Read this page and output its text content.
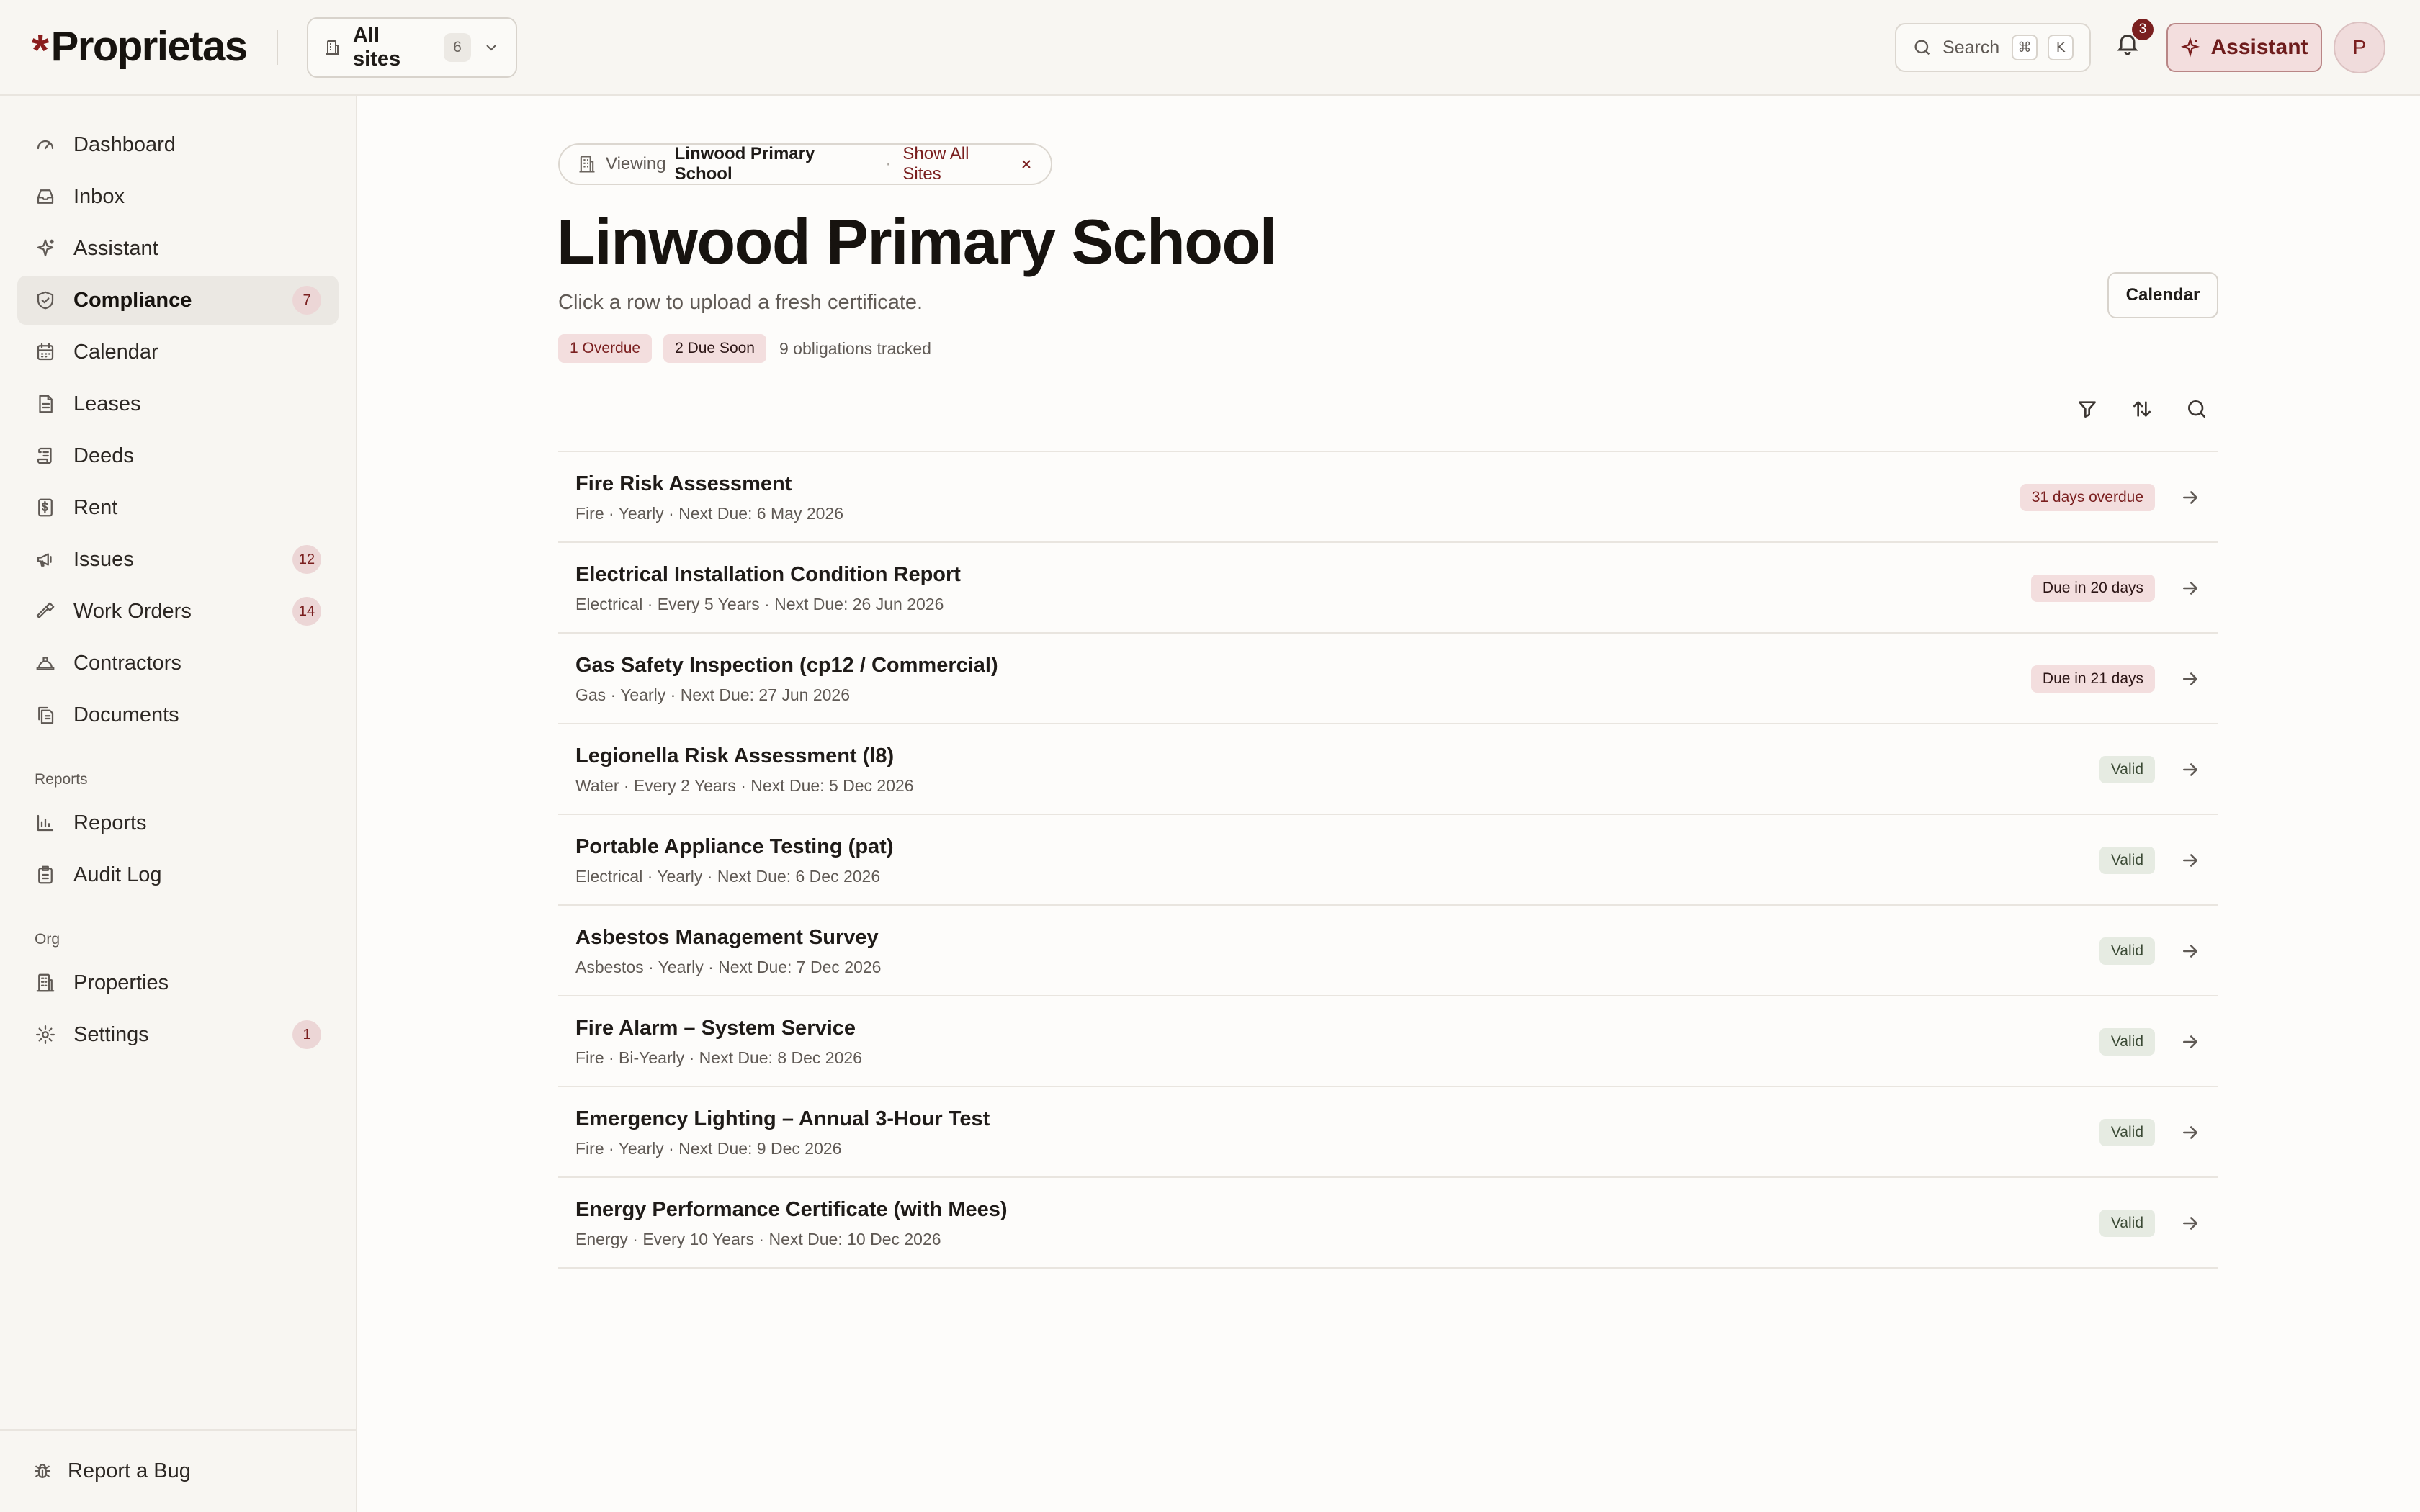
* Proprietas	All sites
6	Search	⌘	K
3
Assistant	P
Dashboard
Inbox
Assistant
Compliance	7
Calendar
Leases
Deeds
Rent
Issues	12
Work Orders	14
Contractors
Documents
Reports
Reports
Audit Log
Org
Properties
Settings	1
Report a Bug
Viewing
Linwood Primary School
·
Show All Sites
Linwood Primary School
Click a row to upload a fresh certificate.	Calendar
1 Overdue	2 Due Soon	9 obligations tracked
Fire Risk Assessment
Fire · Yearly · Next Due: 6 May 2026
31 days overdue
Electrical Installation Condition Report
Electrical · Every 5 Years · Next Due: 26 Jun 2026
Due in 20 days
Gas Safety Inspection (cp12 / Commercial)
Gas · Yearly · Next Due: 27 Jun 2026
Due in 21 days
Legionella Risk Assessment (l8)
Water · Every 2 Years · Next Due: 5 Dec 2026
Valid
Portable Appliance Testing (pat)
Electrical · Yearly · Next Due: 6 Dec 2026
Valid
Asbestos Management Survey
Asbestos · Yearly · Next Due: 7 Dec 2026
Valid
Fire Alarm – System Service
Fire · Bi-Yearly · Next Due: 8 Dec 2026
Valid
Emergency Lighting – Annual 3-Hour Test
Fire · Yearly · Next Due: 9 Dec 2026
Valid
Energy Performance Certificate (with Mees)
Energy · Every 10 Years · Next Due: 10 Dec 2026
Valid
